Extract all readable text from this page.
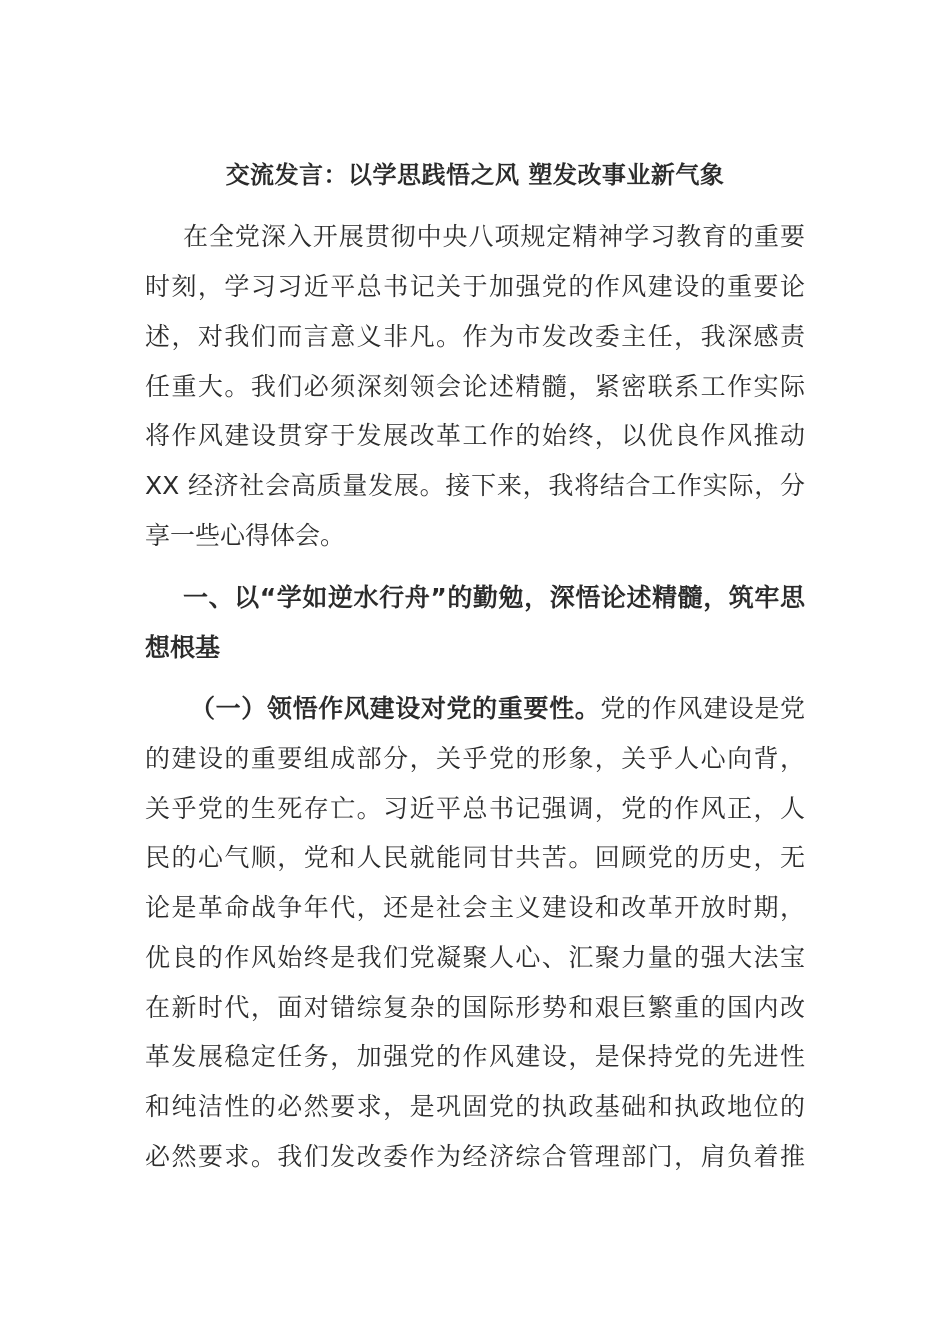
交流发言：以学思践悟之风 塑发改事业新气象

在全党深入开展贯彻中央八项规定精神学习教育的重要

时刻，学习习近平总书记关于加强党的作风建设的重要论

述，对我们而言意义非凡。作为市发改委主任，我深感责

任重大。我们必须深刻领会论述精髓，紧密联系工作实际

将作风建设贯穿于发展改革工作的始终，以优良作风推动

XX 经济社会高质量发展。接下来，我将结合工作实际，分

享一些心得体会。

一、以“学如逆水行舟”的勤勉，深悟论述精髓，筑牢思

想根基

（一）领悟作风建设对党的重要性。党的作风建设是党

的建设的重要组成部分，关乎党的形象，关乎人心向背，

关乎党的生死存亡。习近平总书记强调，党的作风正，人

民的心气顺，党和人民就能同甘共苦。回顾党的历史，无

论是革命战争年代，还是社会主义建设和改革开放时期，

优良的作风始终是我们党凝聚人心、汇聚力量的强大法宝

在新时代，面对错综复杂的国际形势和艰巨繁重的国内改

革发展稳定任务，加强党的作风建设，是保持党的先进性

和纯洁性的必然要求，是巩固党的执政基础和执政地位的

必然要求。我们发改委作为经济综合管理部门，肩负着推
